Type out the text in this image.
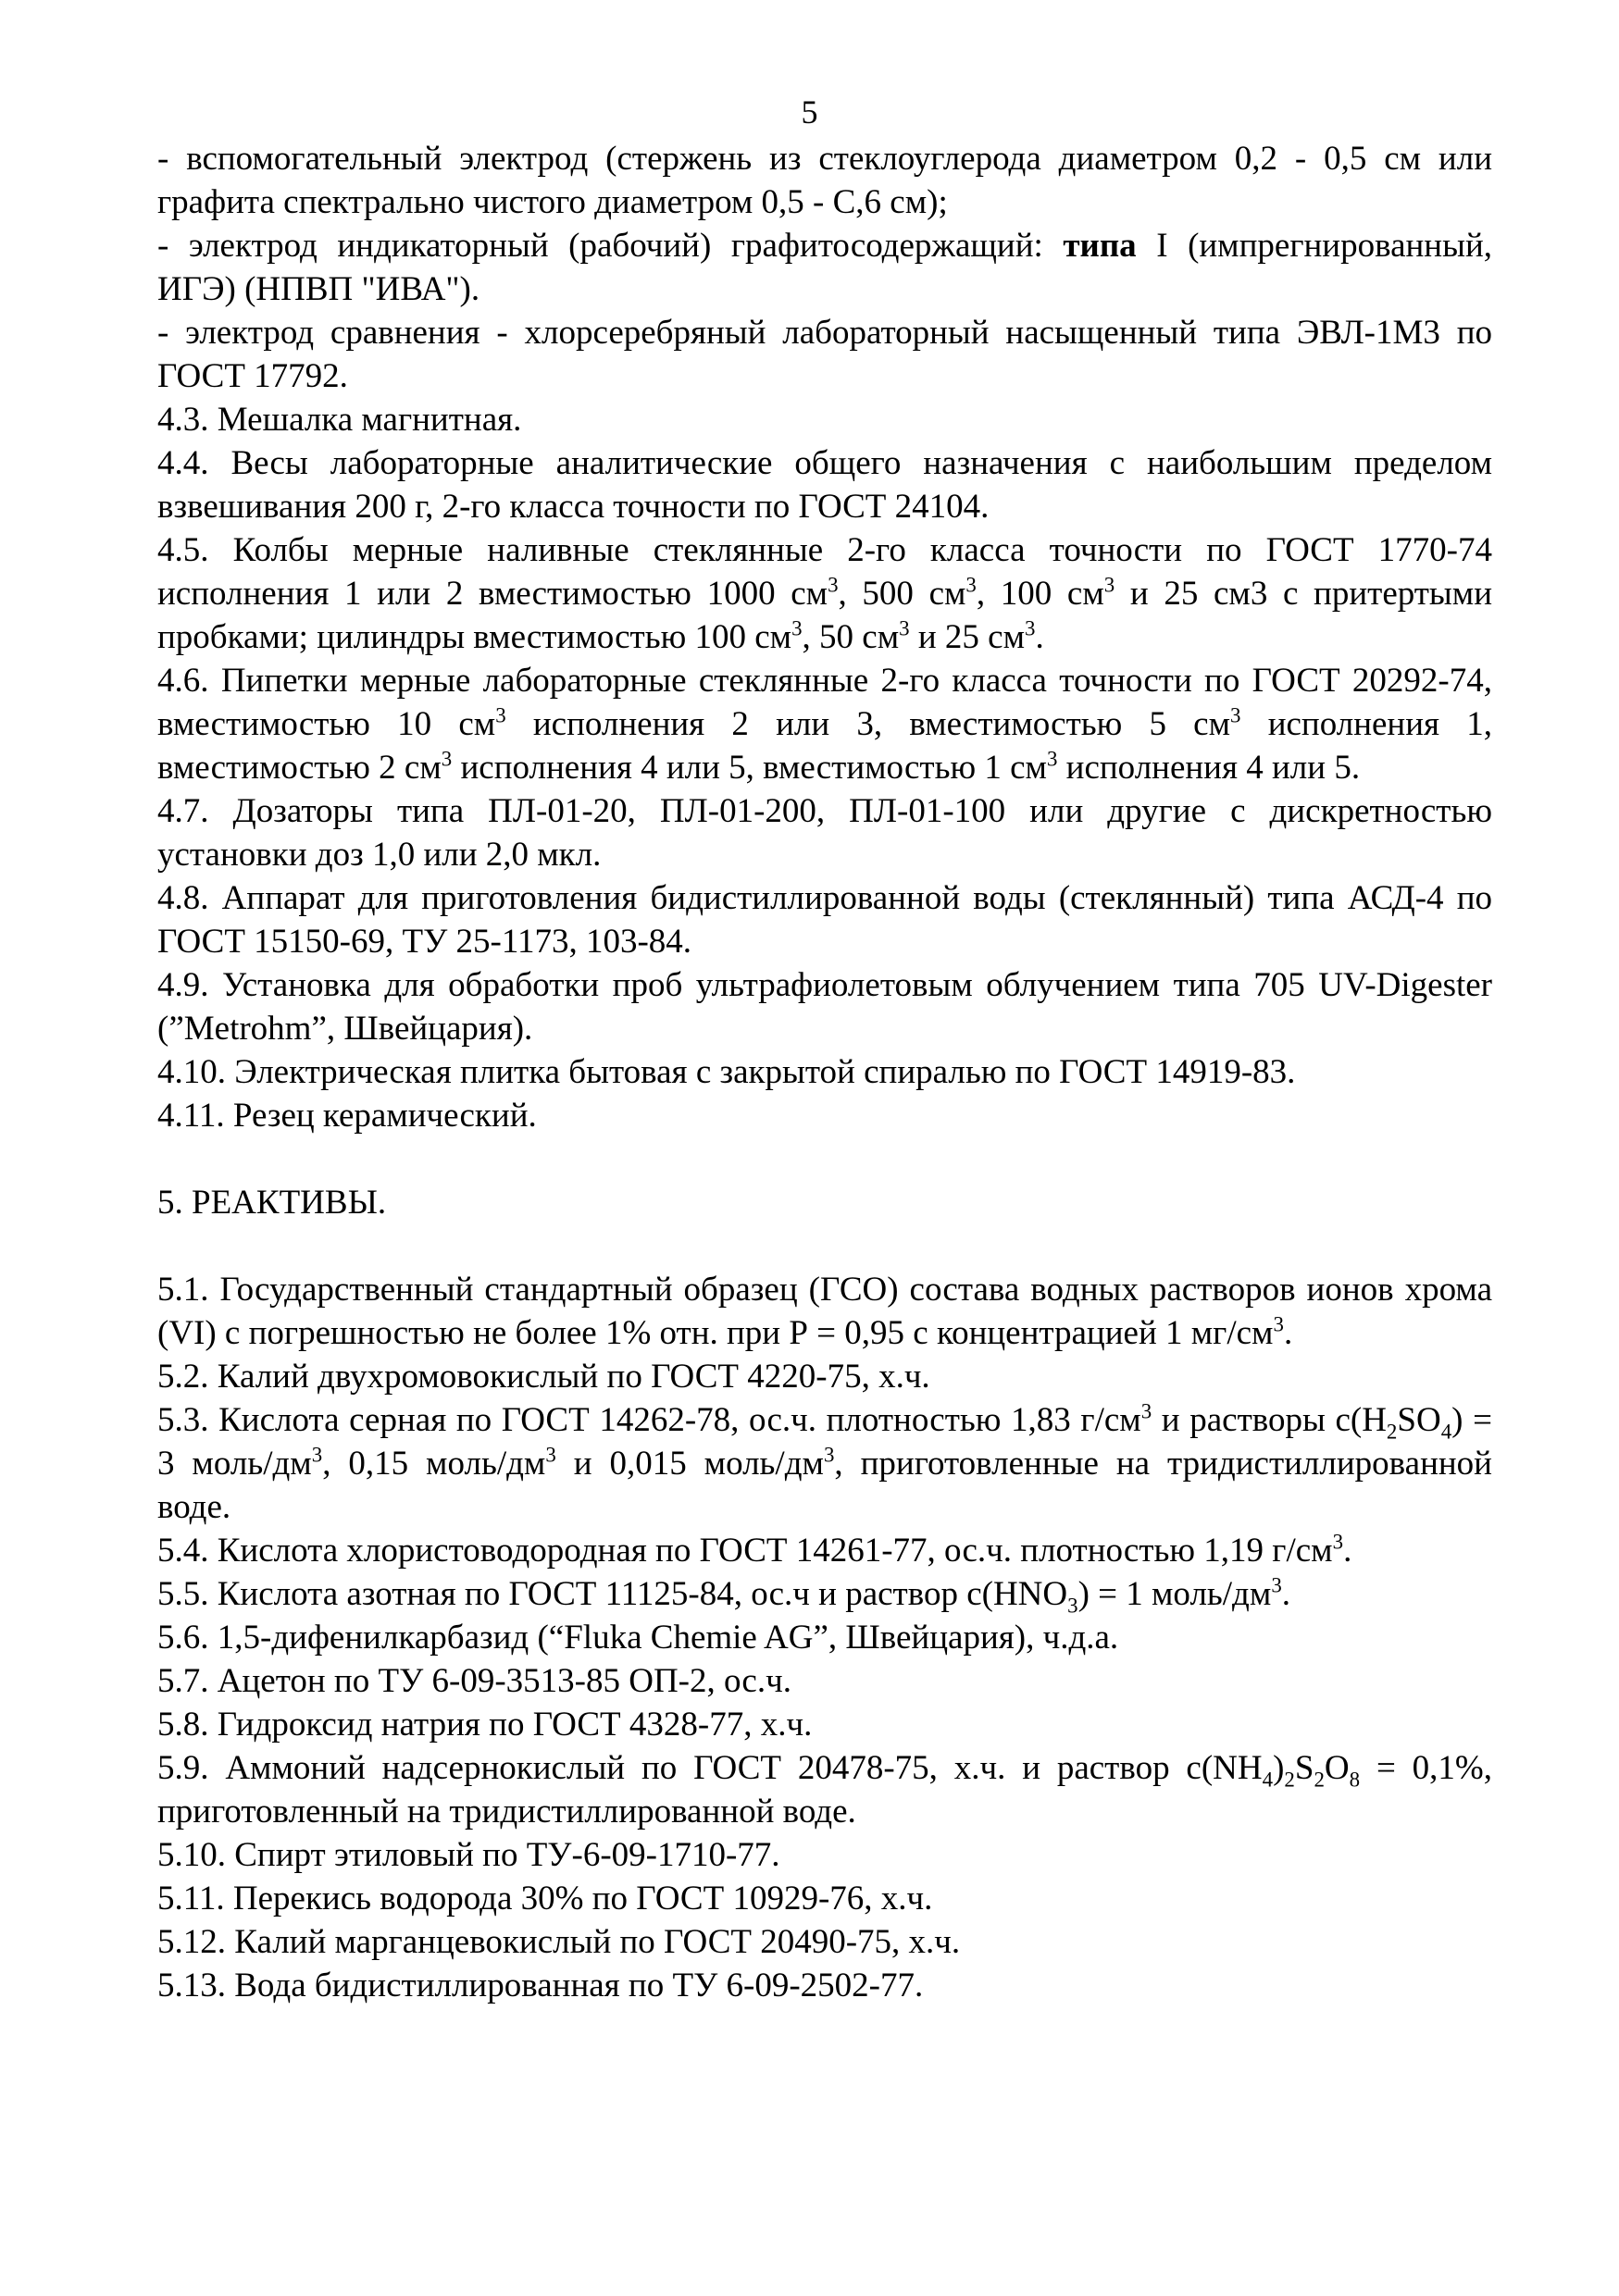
5

- вспомогательный электрод (стержень из стеклоуглерода диаметром 0,2 - 0,5 см или графита спектрально чистого диаметром 0,5 - С,6 см);

- электрод индикаторный (рабочий) графитосодержащий: типа I (импрегнированный, ИГЭ) (НПВП "ИВА").

- электрод сравнения - хлорсеребряный лабораторный насыщенный типа ЭВЛ-1М3 по ГОСТ 17792.

4.3. Мешалка магнитная.

4.4. Весы лабораторные аналитические общего назначения с наибольшим пределом взвешивания 200 г, 2-го класса точности по ГОСТ 24104.

4.5. Колбы мерные наливные стеклянные 2-го класса точности по ГОСТ 1770-74 исполнения 1 или 2 вместимостью 1000 $см^3$, 500 $см^3$, 100 $см^3$ и 25 см3 с притертыми пробками; цилиндры вместимостью 100 $см^3$, 50 $см^3$ и 25 $см^3$.

4.6. Пипетки мерные лабораторные стеклянные 2-го класса точности по ГОСТ 20292-74, вместимостью 10 $см^3$ исполнения 2 или 3, вместимостью 5 $см^3$ исполнения 1, вместимостью 2 $см^3$ исполнения 4 или 5, вместимостью 1 $см^3$ исполнения 4 или 5.

4.7. Дозаторы типа ПЛ-01-20, ПЛ-01-200, ПЛ-01-100 или другие с дискретностью установки доз 1,0 или 2,0 мкл.

4.8. Аппарат для приготовления бидистиллированной воды (стеклянный) типа АСД-4 по ГОСТ 15150-69, ТУ 25-1173, 103-84.

4.9. Установка для обработки проб ультрафиолетовым облучением типа 705 UV-Digester (”Metrohm”, Швейцария).

4.10. Электрическая плитка бытовая с закрытой спиралью по ГОСТ 14919-83.

4.11. Резец керамический.

5. РЕАКТИВЫ.

5.1. Государственный стандартный образец (ГСО) состава водных растворов ионов хрома (VI) с погрешностью не более 1% отн. при Р = 0,95 с концентрацией 1 $мг/см^3$.

5.2. Калий двухромовокислый по ГОСТ 4220-75, х.ч.

5.3. Кислота серная по ГОСТ 14262-78, ос.ч. плотностью 1,83 $г/см^3$ и растворы $с(H_2SO_4) = 3$ моль/$дм^3$, 0,15 моль/$дм^3$ и 0,015 моль/$дм^3$, приготовленные на тридистиллированной воде.

5.4. Кислота хлористоводородная по ГОСТ 14261-77, ос.ч. плотностью 1,19 $г/см^3$.

5.5. Кислота азотная по ГОСТ 11125-84, ос.ч и раствор $с(HNO_3) = 1$ моль/$дм^3$.

5.6. 1,5-дифенилкарбазид (“Fluka Chemie AG”, Швейцария), ч.д.а.

5.7. Ацетон по ТУ 6-09-3513-85 ОП-2, ос.ч.

5.8. Гидроксид натрия по ГОСТ 4328-77, х.ч.

5.9. Аммоний надсернокислый по ГОСТ 20478-75, х.ч. и раствор $с(NH_4)_2S_2O_8 = 0,1\%$, приготовленный на тридистиллированной воде.

5.10. Спирт этиловый по ТУ-6-09-1710-77.

5.11. Перекись водорода 30% по ГОСТ 10929-76, х.ч.

5.12. Калий марганцевокислый по ГОСТ 20490-75, х.ч.

5.13. Вода бидистиллированная по ТУ 6-09-2502-77.
